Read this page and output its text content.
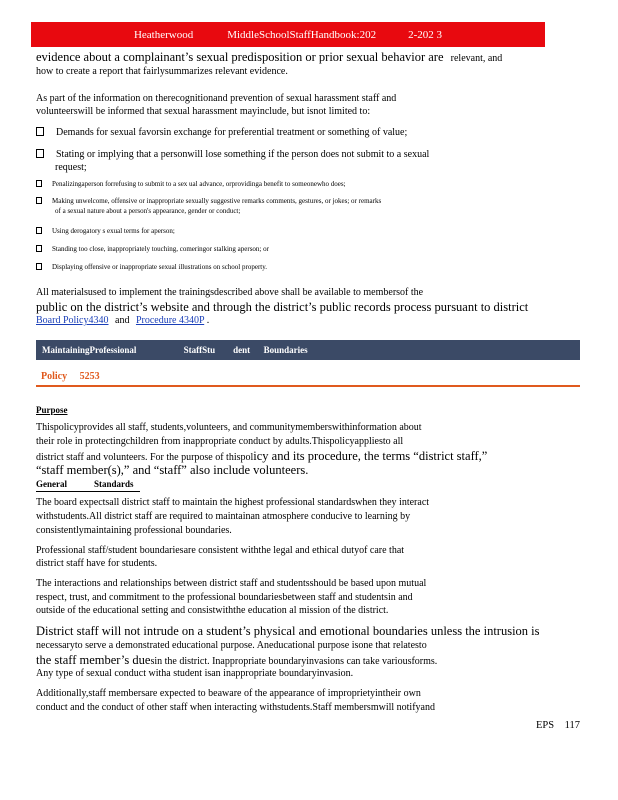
Heatherwood	MiddleSchoolStaffHandbook:202	2-202 3
evidence about a complainant’s sexual predisposition or prior sexual behavior are relevant, and
how to create a report that fairlysummarizes relevant evidence.
As part of the information on therecognitionand prevention of sexual harassment staff and
volunteerswill be informed that sexual harassment mayinclude, but isnot limited to:
Demands for sexual favorsin exchange for preferential treatment or something of value;
Stating or implying that a personwill lose something if the person does not submit to a sexual
request;
Penalizingaperson forrefusing to submit to a sex ual advance, orprovidinga benefit to someonewho does;
Making unwelcome, offensive or inappropriate sexually suggestive remarks comments, gestures, or jokes; or remarks
of a sexual nature about a person's appearance, gender or conduct;
Using derogatory s exual terms for aperson;
Standing too close, inappropriately touching, comeringor stalking aperson; or
Displaying offensive or inappropriate sexual illustrations on school property.
All materialsused to implement the trainingsdescribed above shall be available to membersof the
public on the district’s website and through the district’s public records process pursuant to district
Board Policy4340 and Procedure 4340P .
MaintainingProfessional                     StaffStu        dent      Boundaries
Policy     5253
Purpose
Thispolicyprovides all staff, students,volunteers, and communitymemberswithinformation about
their role in protectingchildren from inappropriate conduct by adults.Thispolicyappliesto all
district staff and volunteers. For the purpose of thispolicy and its procedure, the terms “district staff,”
“staff member(s),” and “staff” also include volunteers.
General            Standards
The board expectsall district staff to maintain the highest professional standardswhen they interact
withstudents.All district staff are required to maintainan atmosphere conducive to learning by
consistentlymaintaining professional boundaries.
Professional staff/student boundariesare consistent withthe legal and ethical dutyof care that
district staff have for students.
The interactions and relationships between district staff and studentsshould be based upon mutual
respect, trust, and commitment to the professional boundariesbetween staff and studentsin and
outside of the educational setting and consistwiththe education al mission of the district.
District staff will not intrude on a student’s physical and emotional boundaries unless the intrusion is
necessaryto serve a demonstrated educational purpose. Aneducational purpose isone that relatesto
the staff member’s duesin the district. Inappropriate boundaryinvasions can take variousforms.
Any type of sexual conduct witha student isan inappropriate boundaryinvasion.
Additionally,staff membersare expected to beaware of the appearance of improprietyintheir own
conduct and the conduct of other staff when interacting withstudents.Staff membersmwill notifyand
EPS    117
